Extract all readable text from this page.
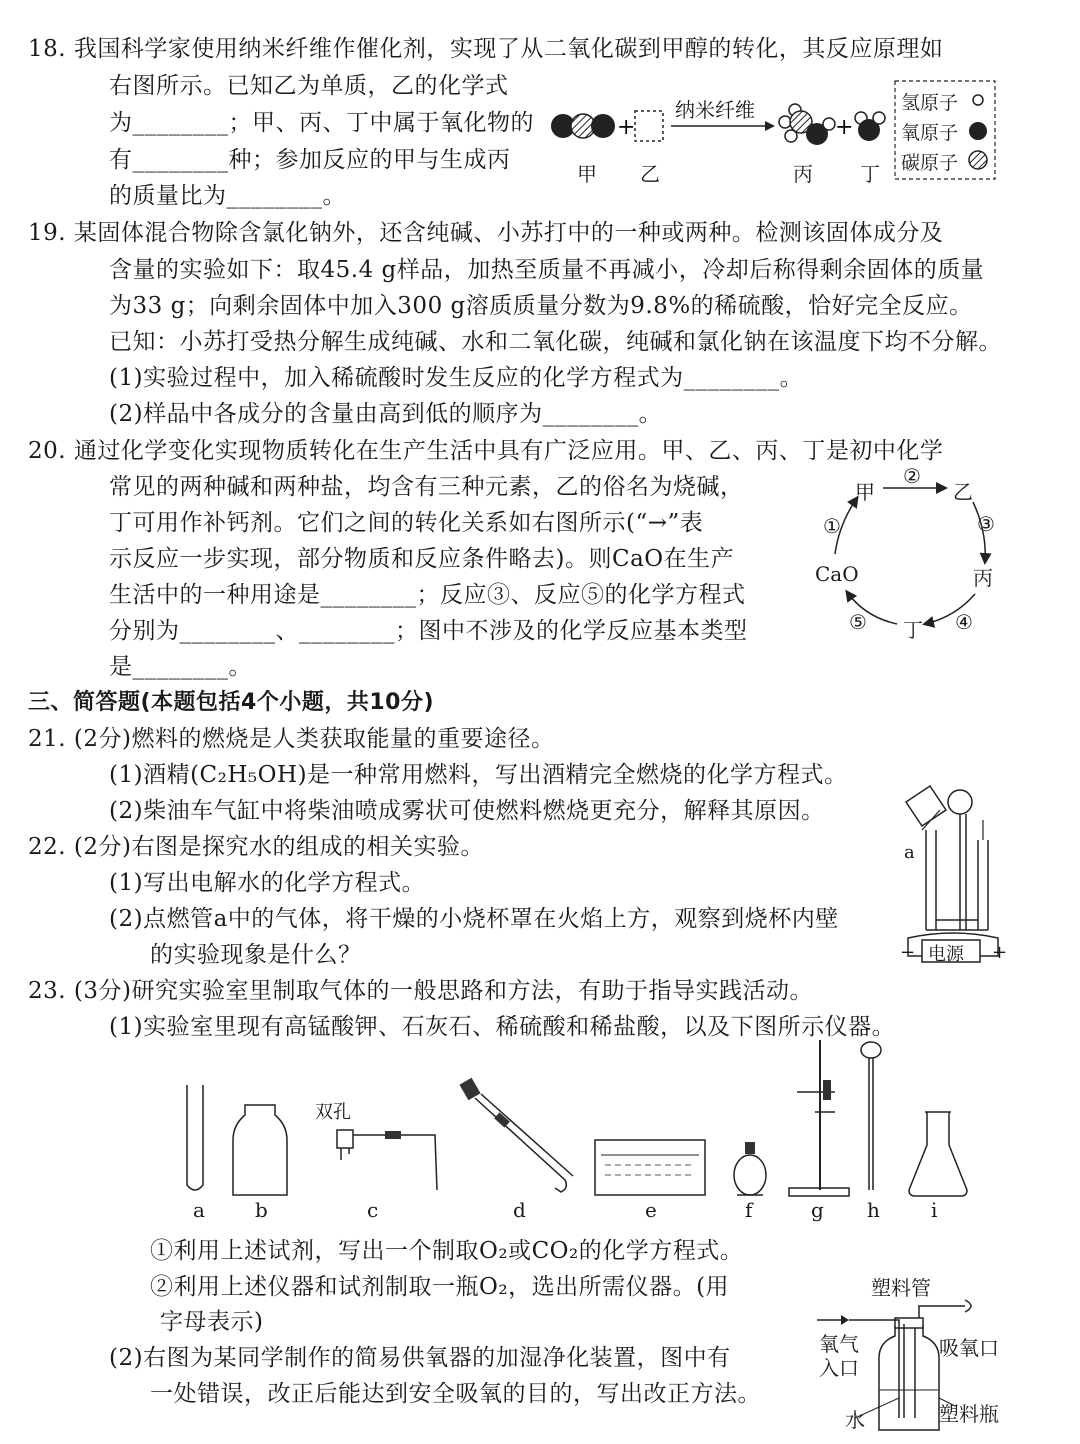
18. 我国科学家使用纳米纤维作催化剂，实现了从二氧化碳到甲醇的转化，其反应原理如
右图所示。已知乙为单质，乙的化学式
为________；甲、丙、丁中属于氧化物的
有________种；参加反应的甲与生成丙
的质量比为________。
+	+
纳米纤维
甲 乙	丙 丁
氢原子
氧原子
碳原子
19. 某固体混合物除含氯化钠外，还含纯碱、小苏打中的一种或两种。检测该固体成分及
含量的实验如下：取45.4 g样品，加热至质量不再减小，冷却后称得剩余固体的质量
为33 g；向剩余固体中加入300 g溶质质量分数为9.8%的稀硫酸，恰好完全反应。
已知：小苏打受热分解生成纯碱、水和二氧化碳，纯碱和氯化钠在该温度下均不分解。
(1)实验过程中，加入稀硫酸时发生反应的化学方程式为________。
(2)样品中各成分的含量由高到低的顺序为________。
20. 通过化学变化实现物质转化在生产生活中具有广泛应用。甲、乙、丙、丁是初中化学
常见的两种碱和两种盐，均含有三种元素，乙的俗名为烧碱，
丁可用作补钙剂。它们之间的转化关系如右图所示(“→”表
示反应一步实现，部分物质和反应条件略去)。则CaO在生产
生活中的一种用途是________；反应③、反应⑤的化学方程式
分别为________、________；图中不涉及的化学反应基本类型
是________。
甲	乙
丙
丁
CaO
①
②
③
④
⑤
三、简答题(本题包括4个小题，共10分)
21. (2分)燃料的燃烧是人类获取能量的重要途径。
(1)酒精(C₂H₅OH)是一种常用燃料，写出酒精完全燃烧的化学方程式。
(2)柴油车气缸中将柴油喷成雾状可使燃料燃烧更充分，解释其原因。
22. (2分)右图是探究水的组成的相关实验。
(1)写出电解水的化学方程式。
(2)点燃管a中的气体，将干燥的小烧杯罩在火焰上方，观察到烧杯内壁
的实验现象是什么？
a
电源
−	+
23. (3分)研究实验室里制取气体的一般思路和方法，有助于指导实践活动。
(1)实验室里现有高锰酸钾、石灰石、稀硫酸和稀盐酸，以及下图所示仪器。
双孔
a	b	c	d	e	f	g h	i
①利用上述试剂，写出一个制取O₂或CO₂的化学方程式。
②利用上述仪器和试剂制取一瓶O₂，选出所需仪器。(用
字母表示)
(2)右图为某同学制作的简易供氧器的加湿净化装置，图中有
一处错误，改正后能达到安全吸氧的目的，写出改正方法。
塑料管
氧气
入口
吸氧口
水	塑料瓶
